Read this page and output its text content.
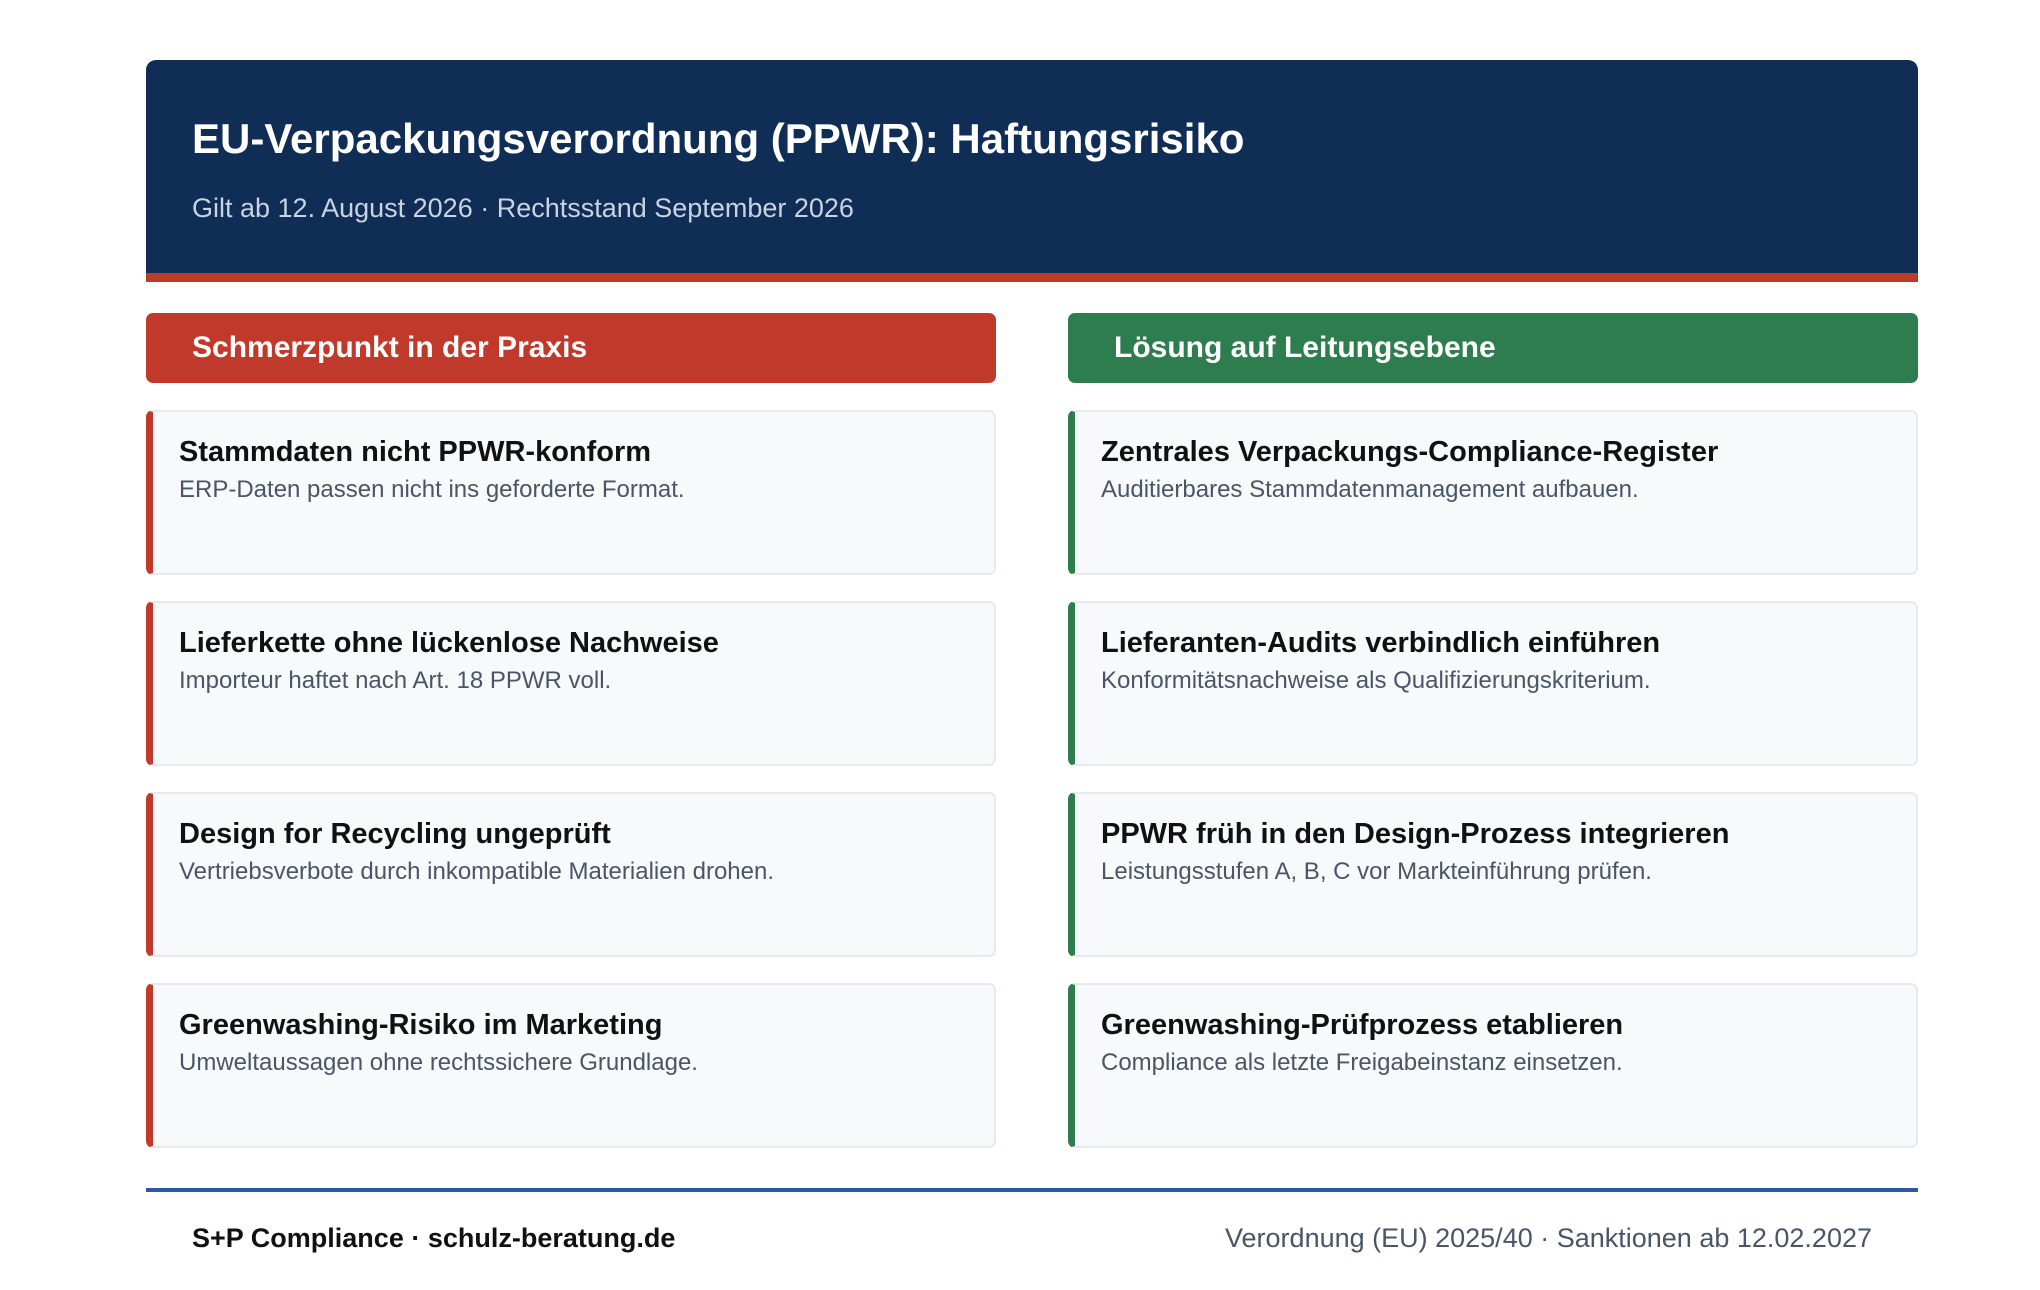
EU-Verpackungsverordnung (PPWR): Haftungsrisiko
Gilt ab 12. August 2026 · Rechtsstand September 2026
Schmerzpunkt in der Praxis
Stammdaten nicht PPWR-konform
ERP-Daten passen nicht ins geforderte Format.
Lieferkette ohne lückenlose Nachweise
Importeur haftet nach Art. 18 PPWR voll.
Design for Recycling ungeprüft
Vertriebsverbote durch inkompatible Materialien drohen.
Greenwashing-Risiko im Marketing
Umweltaussagen ohne rechtssichere Grundlage.
Lösung auf Leitungsebene
Zentrales Verpackungs-Compliance-Register
Auditierbares Stammdatenmanagement aufbauen.
Lieferanten-Audits verbindlich einführen
Konformitätsnachweise als Qualifizierungskriterium.
PPWR früh in den Design-Prozess integrieren
Leistungsstufen A, B, C vor Markteinführung prüfen.
Greenwashing-Prüfprozess etablieren
Compliance als letzte Freigabeinstanz einsetzen.
S+P Compliance · schulz-beratung.de	Verordnung (EU) 2025/40 · Sanktionen ab 12.02.2027
